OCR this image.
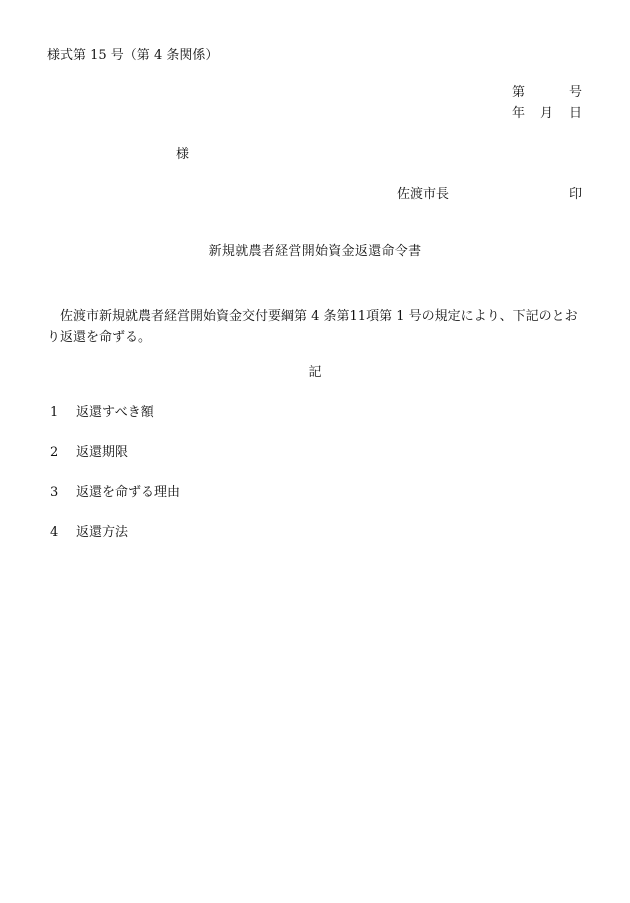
様式第 15 号（第 4 条関係）
第	号
年 月 日
様
佐渡市長	印
新規就農者経営開始資金返還命令書
佐渡市新規就農者経営開始資金交付要綱第 4 条第11項第 1 号の規定により、下記のとおり返還を命ずる。
記
1 返還すべき額
2 返還期限
3 返還を命ずる理由
4 返還方法
